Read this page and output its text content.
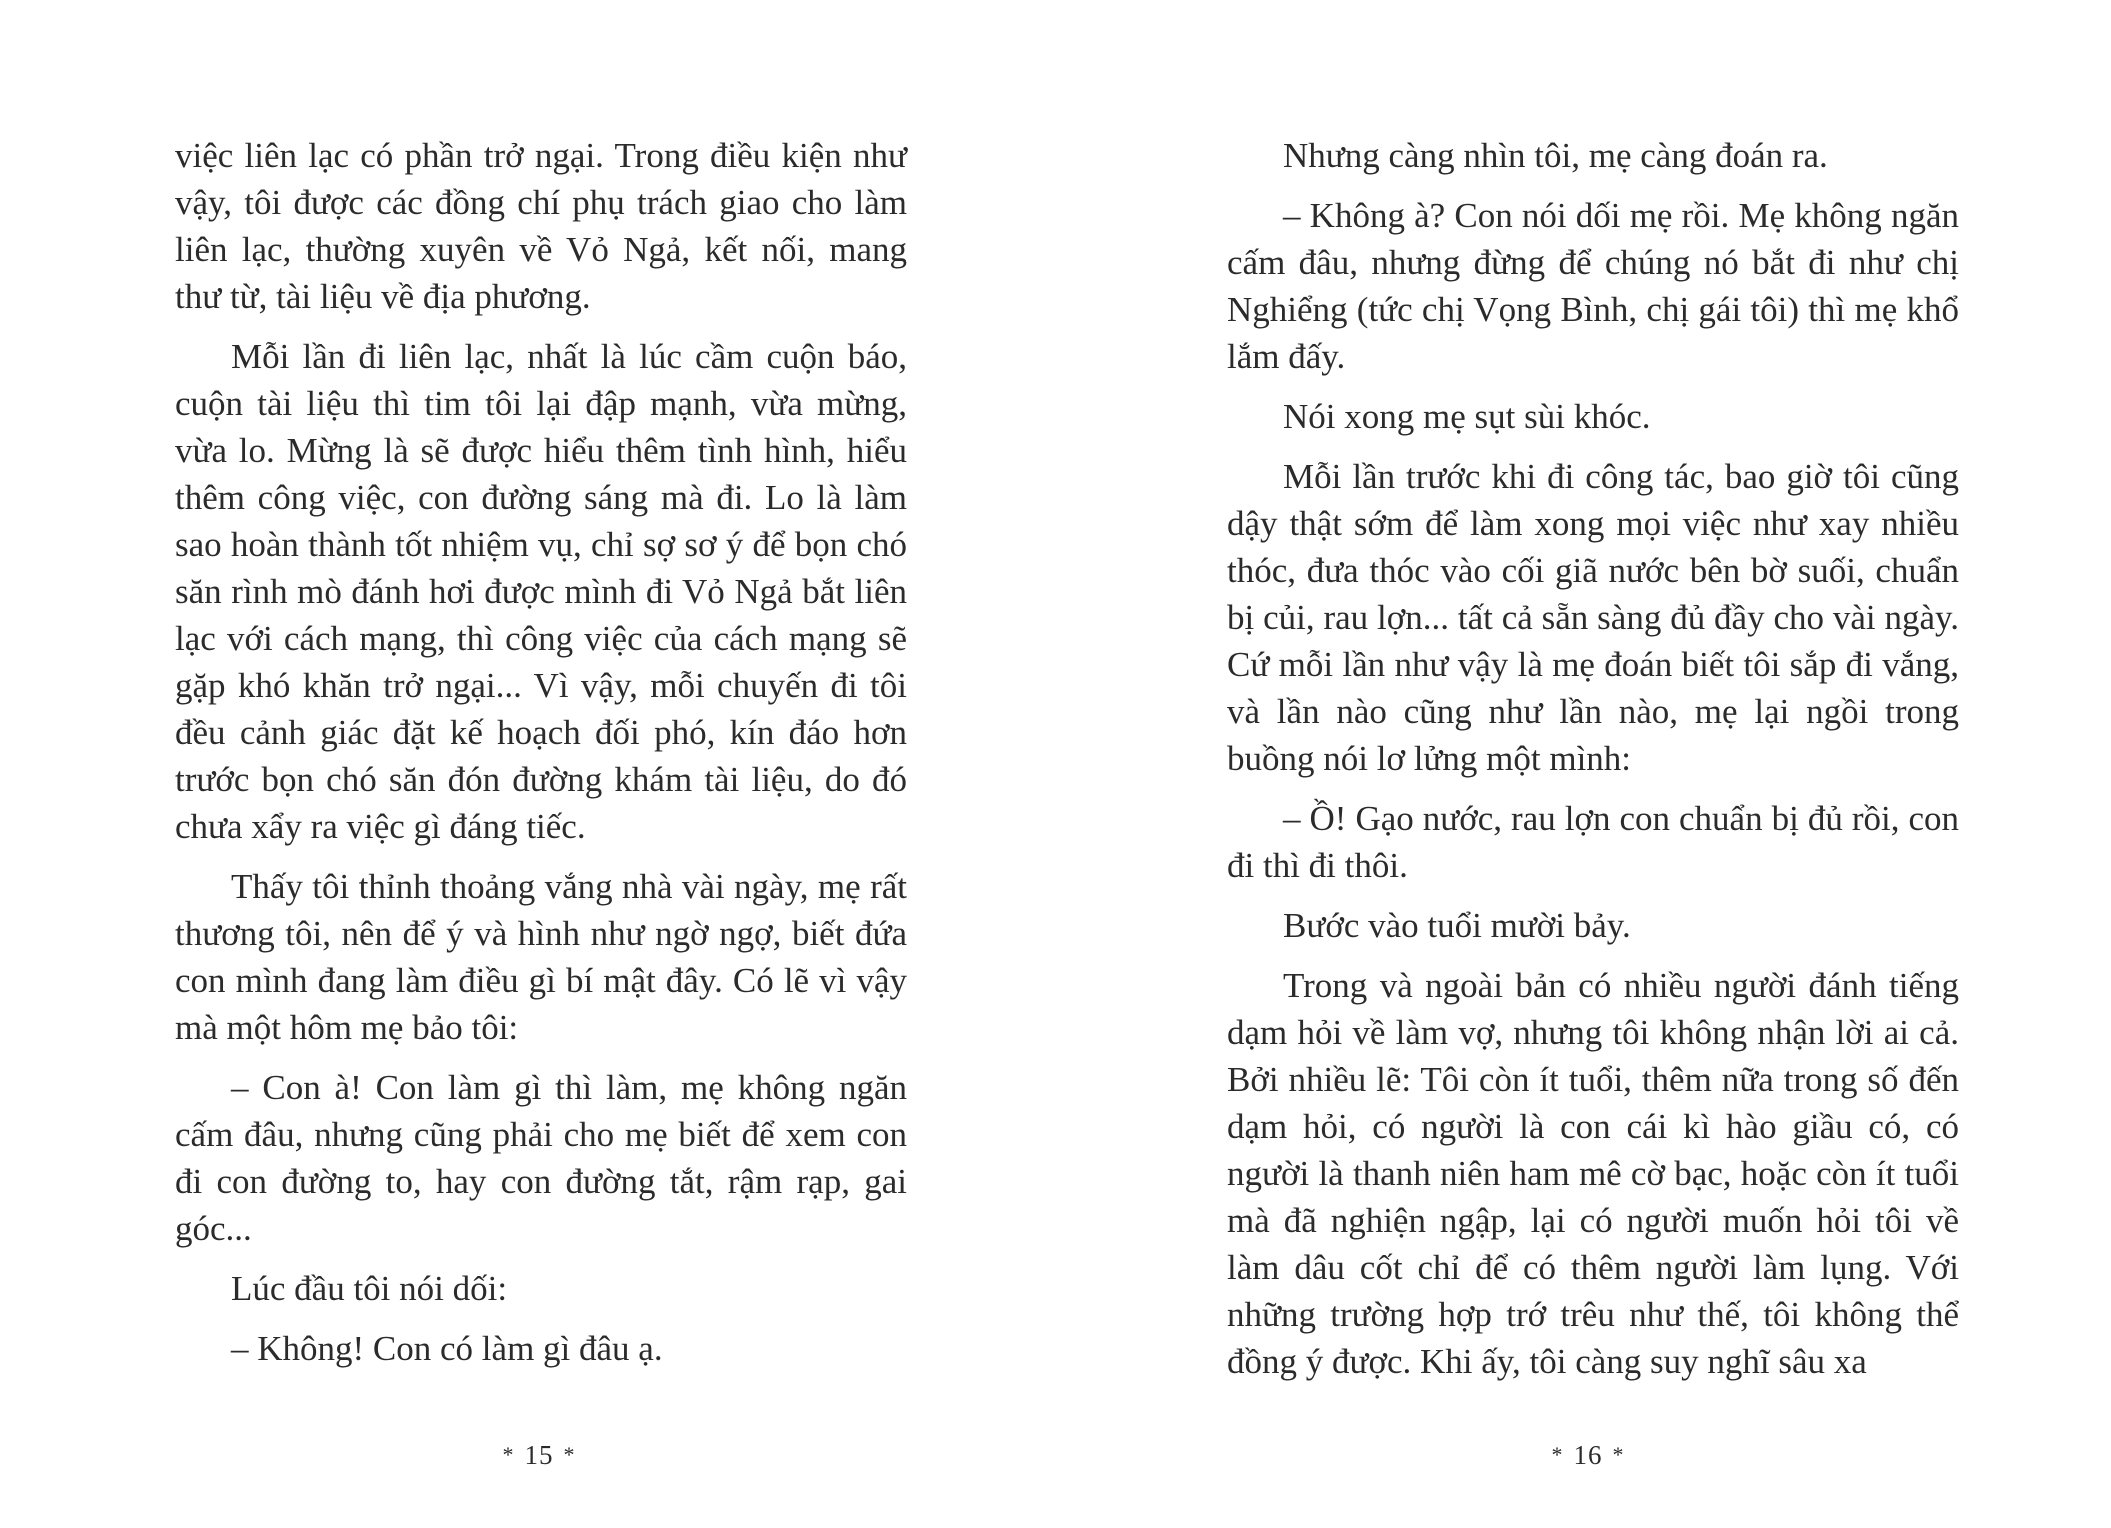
việc liên lạc có phần trở ngại. Trong điều kiện như vậy, tôi được các đồng chí phụ trách giao cho làm liên lạc, thường xuyên về Vỏ Ngả, kết nối, mang thư từ, tài liệu về địa phương.

Mỗi lần đi liên lạc, nhất là lúc cầm cuộn báo, cuộn tài liệu thì tim tôi lại đập mạnh, vừa mừng, vừa lo. Mừng là sẽ được hiểu thêm tình hình, hiểu thêm công việc, con đường sáng mà đi. Lo là làm sao hoàn thành tốt nhiệm vụ, chỉ sợ sơ ý để bọn chó săn rình mò đánh hơi được mình đi Vỏ Ngả bắt liên lạc với cách mạng, thì công việc của cách mạng sẽ gặp khó khăn trở ngại... Vì vậy, mỗi chuyến đi tôi đều cảnh giác đặt kế hoạch đối phó, kín đáo hơn trước bọn chó săn đón đường khám tài liệu, do đó chưa xẩy ra việc gì đáng tiếc.

Thấy tôi thỉnh thoảng vắng nhà vài ngày, mẹ rất thương tôi, nên để ý và hình như ngờ ngợ, biết đứa con mình đang làm điều gì bí mật đây. Có lẽ vì vậy mà một hôm mẹ bảo tôi:

– Con à! Con làm gì thì làm, mẹ không ngăn cấm đâu, nhưng cũng phải cho mẹ biết để xem con đi con đường to, hay con đường tắt, rậm rạp, gai góc...

Lúc đầu tôi nói dối:

– Không! Con có làm gì đâu ạ.

* 15 *

Nhưng càng nhìn tôi, mẹ càng đoán ra.

– Không à? Con nói dối mẹ rồi. Mẹ không ngăn cấm đâu, nhưng đừng để chúng nó bắt đi như chị Nghiểng (tức chị Vọng Bình, chị gái tôi) thì mẹ khổ lắm đấy.

Nói xong mẹ sụt sùi khóc.

Mỗi lần trước khi đi công tác, bao giờ tôi cũng dậy thật sớm để làm xong mọi việc như xay nhiều thóc, đưa thóc vào cối giã nước bên bờ suối, chuẩn bị củi, rau lợn... tất cả sẵn sàng đủ đầy cho vài ngày. Cứ mỗi lần như vậy là mẹ đoán biết tôi sắp đi vắng, và lần nào cũng như lần nào, mẹ lại ngồi trong buồng nói lơ lửng một mình:

– Ồ! Gạo nước, rau lợn con chuẩn bị đủ rồi, con đi thì đi thôi.

Bước vào tuổi mười bảy.

Trong và ngoài bản có nhiều người đánh tiếng dạm hỏi về làm vợ, nhưng tôi không nhận lời ai cả. Bởi nhiều lẽ: Tôi còn ít tuổi, thêm nữa trong số đến dạm hỏi, có người là con cái kì hào giầu có, có người là thanh niên ham mê cờ bạc, hoặc còn ít tuổi mà đã nghiện ngập, lại có người muốn hỏi tôi về làm dâu cốt chỉ để có thêm người làm lụng. Với những trường hợp trớ trêu như thế, tôi không thể đồng ý được. Khi ấy, tôi càng suy nghĩ sâu xa

* 16 *
